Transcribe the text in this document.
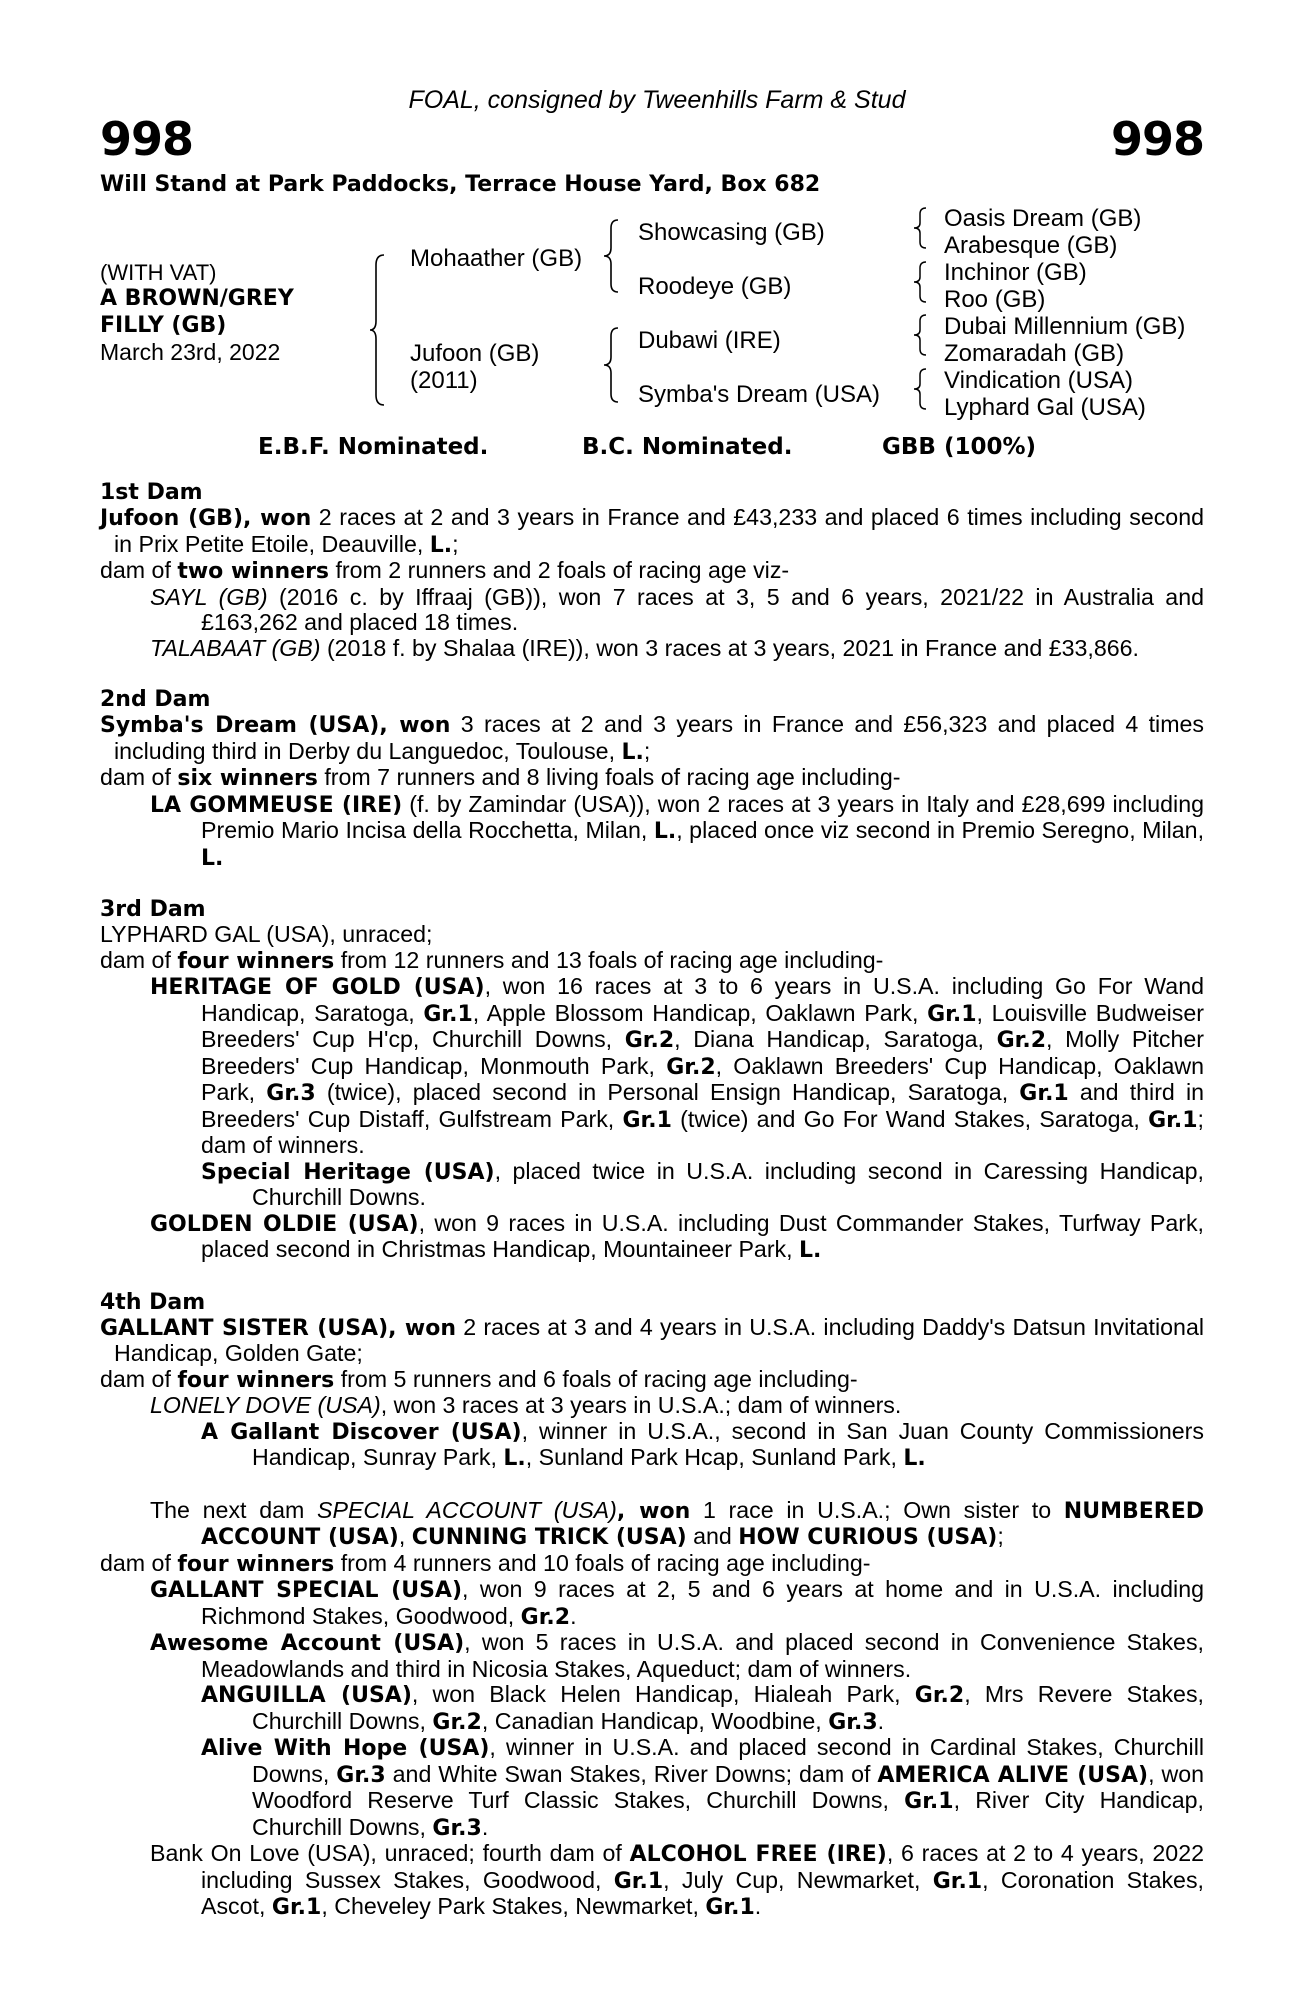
FOAL, consigned by Tweenhills Farm & Stud
998	998
Will Stand at Park Paddocks, Terrace House Yard, Box 682
(WITH VAT)
A BROWN/GREY
FILLY (GB)
March 23rd, 2022
Mohaather (GB)
Jufoon (GB)
(2011)
Showcasing (GB)
Roodeye (GB)
Dubawi (IRE)
Symba's Dream (USA)
Oasis Dream (GB)
Arabesque (GB)
Inchinor (GB)
Roo (GB)
Dubai Millennium (GB)
Zomaradah (GB)
Vindication (USA)
Lyphard Gal (USA)
E.B.F. Nominated.	B.C. Nominated.	GBB (100%)
1st Dam
Jufoon (GB), won 2 races at 2 and 3 years in France and £43,233 and placed 6 times including second in Prix Petite Etoile, Deauville, L.;
dam of two winners from 2 runners and 2 foals of racing age viz-
SAYL (GB) (2016 c. by Iffraaj (GB)), won 7 races at 3, 5 and 6 years, 2021/22 in Australia and £163,262 and placed 18 times.
TALABAAT (GB) (2018 f. by Shalaa (IRE)), won 3 races at 3 years, 2021 in France and £33,866.
2nd Dam
Symba's Dream (USA), won 3 races at 2 and 3 years in France and £56,323 and placed 4 times including third in Derby du Languedoc, Toulouse, L.;
dam of six winners from 7 runners and 8 living foals of racing age including-
LA GOMMEUSE (IRE) (f. by Zamindar (USA)), won 2 races at 3 years in Italy and £28,699 including Premio Mario Incisa della Rocchetta, Milan, L., placed once viz second in Premio Seregno, Milan, L.
3rd Dam
LYPHARD GAL (USA), unraced;
dam of four winners from 12 runners and 13 foals of racing age including-
HERITAGE OF GOLD (USA), won 16 races at 3 to 6 years in U.S.A. including Go For Wand Handicap, Saratoga, Gr.1, Apple Blossom Handicap, Oaklawn Park, Gr.1, Louisville Budweiser Breeders' Cup H'cp, Churchill Downs, Gr.2, Diana Handicap, Saratoga, Gr.2, Molly Pitcher Breeders' Cup Handicap, Monmouth Park, Gr.2, Oaklawn Breeders' Cup Handicap, Oaklawn Park, Gr.3 (twice), placed second in Personal Ensign Handicap, Saratoga, Gr.1 and third in Breeders' Cup Distaff, Gulfstream Park, Gr.1 (twice) and Go For Wand Stakes, Saratoga, Gr.1; dam of winners.
Special Heritage (USA), placed twice in U.S.A. including second in Caressing Handicap, Churchill Downs.
GOLDEN OLDIE (USA), won 9 races in U.S.A. including Dust Commander Stakes, Turfway Park, placed second in Christmas Handicap, Mountaineer Park, L.
4th Dam
GALLANT SISTER (USA), won 2 races at 3 and 4 years in U.S.A. including Daddy's Datsun Invitational Handicap, Golden Gate;
dam of four winners from 5 runners and 6 foals of racing age including-
LONELY DOVE (USA), won 3 races at 3 years in U.S.A.; dam of winners.
A Gallant Discover (USA), winner in U.S.A., second in San Juan County Commissioners Handicap, Sunray Park, L., Sunland Park Hcap, Sunland Park, L.
The next dam SPECIAL ACCOUNT (USA), won 1 race in U.S.A.; Own sister to NUMBERED ACCOUNT (USA), CUNNING TRICK (USA) and HOW CURIOUS (USA);
dam of four winners from 4 runners and 10 foals of racing age including-
GALLANT SPECIAL (USA), won 9 races at 2, 5 and 6 years at home and in U.S.A. including Richmond Stakes, Goodwood, Gr.2.
Awesome Account (USA), won 5 races in U.S.A. and placed second in Convenience Stakes, Meadowlands and third in Nicosia Stakes, Aqueduct; dam of winners.
ANGUILLA (USA), won Black Helen Handicap, Hialeah Park, Gr.2, Mrs Revere Stakes, Churchill Downs, Gr.2, Canadian Handicap, Woodbine, Gr.3.
Alive With Hope (USA), winner in U.S.A. and placed second in Cardinal Stakes, Churchill Downs, Gr.3 and White Swan Stakes, River Downs; dam of AMERICA ALIVE (USA), won Woodford Reserve Turf Classic Stakes, Churchill Downs, Gr.1, River City Handicap, Churchill Downs, Gr.3.
Bank On Love (USA), unraced; fourth dam of ALCOHOL FREE (IRE), 6 races at 2 to 4 years, 2022 including Sussex Stakes, Goodwood, Gr.1, July Cup, Newmarket, Gr.1, Coronation Stakes, Ascot, Gr.1, Cheveley Park Stakes, Newmarket, Gr.1.
